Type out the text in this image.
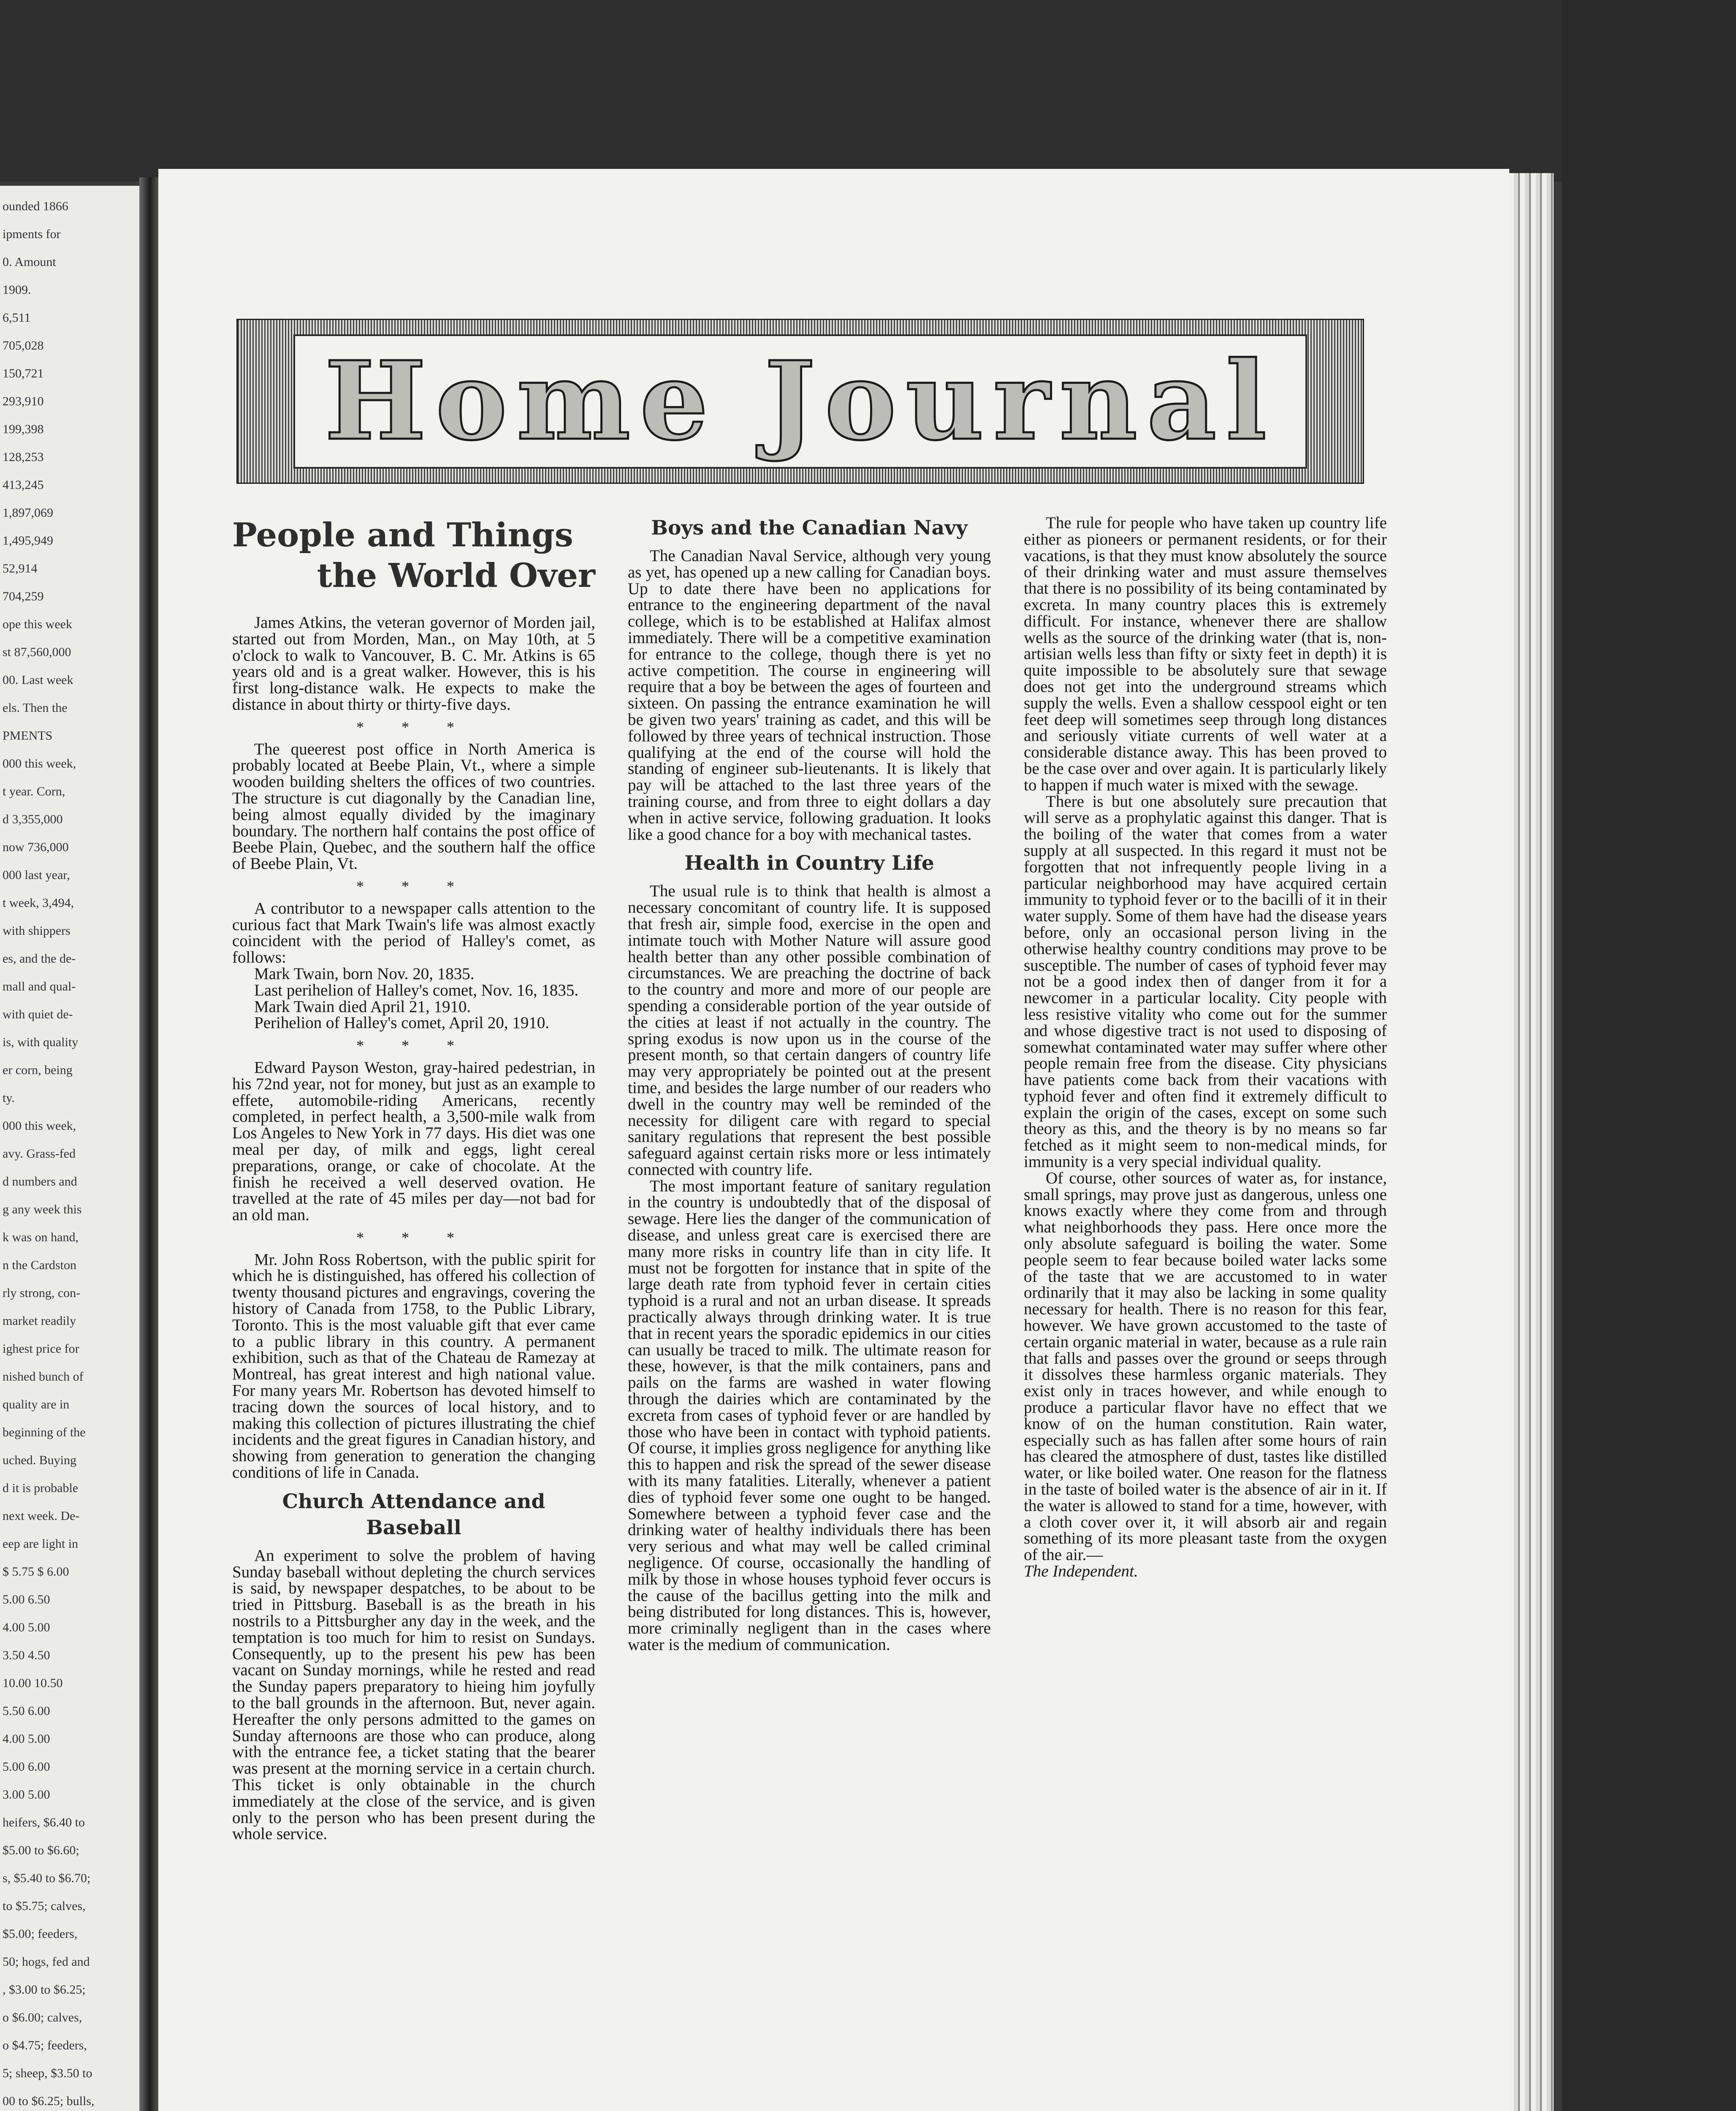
ounded 1866
ipments for
0. Amount
1909.
6,511
705,028
150,721
293,910
199,398
128,253
413,245
1,897,069
1,495,949
52,914
704,259
ope this week
st 87,560,000
00. Last week
els. Then the
PMENTS
000 this week,
t year. Corn,
d 3,355,000
now 736,000
000 last year,
t week, 3,494,
with shippers
es, and the de-
mall and qual-
with quiet de-
is, with quality
er corn, being
ty.
000 this week,
avy. Grass-fed
d numbers and
g any week this
k was on hand,
n the Cardston
rly strong, con-
market readily
ighest price for
nished bunch of
quality are in
beginning of the
uched. Buying
d it is probable
next week. De-
eep are light in
$ 5.75 $ 6.00
5.00 6.50
4.00 5.00
3.50 4.50
10.00 10.50
5.50 6.00
4.00 5.00
5.00 6.00
3.00 5.00
heifers, $6.40 to
$5.00 to $6.60;
s, $5.40 to $6.70;
to $5.75; calves,
$5.00; feeders,
50; hogs, fed and
, $3.00 to $6.25;
o $6.00; calves,
o $4.75; feeders,
5; sheep, $3.50 to
00 to $6.25; bulls,
Home Journal
People and Things
the World Over

James Atkins, the veteran governor of Morden jail, started out from Morden, Man., on May 10th, at 5 o'clock to walk to Vancouver, B. C. Mr. Atkins is 65 years old and is a great walker. However, this is his first long-distance walk. He expects to make the distance in about thirty or thirty-five days.

* * *

The queerest post office in North America is probably located at Beebe Plain, Vt., where a simple wooden building shelters the offices of two countries. The structure is cut diagonally by the Canadian line, being almost equally divided by the imaginary boundary. The northern half contains the post office of Beebe Plain, Quebec, and the southern half the office of Beebe Plain, Vt.

* * *

A contributor to a newspaper calls attention to the curious fact that Mark Twain's life was almost exactly coincident with the period of Halley's comet, as follows:

Mark Twain, born Nov. 20, 1835.

Last perihelion of Halley's comet, Nov. 16, 1835.

Mark Twain died April 21, 1910.

Perihelion of Halley's comet, April 20, 1910.

* * *

Edward Payson Weston, gray-haired pedestrian, in his 72nd year, not for money, but just as an example to effete, automobile-riding Americans, recently completed, in perfect health, a 3,500-mile walk from Los Angeles to New York in 77 days. His diet was one meal per day, of milk and eggs, light cereal preparations, orange, or cake of chocolate. At the finish he received a well deserved ovation. He travelled at the rate of 45 miles per day—not bad for an old man.

* * *

Mr. John Ross Robertson, with the public spirit for which he is distinguished, has offered his collection of twenty thousand pictures and engravings, covering the history of Canada from 1758, to the Public Library, Toronto. This is the most valuable gift that ever came to a public library in this country. A permanent exhibition, such as that of the Chateau de Ramezay at Montreal, has great interest and high national value. For many years Mr. Robertson has devoted himself to tracing down the sources of local history, and to making this collection of pictures illustrating the chief incidents and the great figures in Canadian history, and showing from generation to generation the changing conditions of life in Canada.

Church Attendance and Baseball

An experiment to solve the problem of having Sunday baseball without depleting the church services is said, by newspaper despatches, to be about to be tried in Pittsburg. Baseball is as the breath in his nostrils to a Pittsburgher any day in the week, and the temptation is too much for him to resist on Sundays. Consequently, up to the present his pew has been vacant on Sunday mornings, while he rested and read the Sunday papers preparatory to hieing him joyfully to the ball grounds in the afternoon. But, never again. Hereafter the only persons admitted to the games on Sunday afternoons are those who can produce, along with the entrance fee, a ticket stating that the bearer was present at the morning service in a certain church. This ticket is only obtainable in the church immediately at the close of the service, and is given only to the person who has been present during the whole service.

Boys and the Canadian Navy

The Canadian Naval Service, although very young as yet, has opened up a new calling for Canadian boys. Up to date there have been no applications for entrance to the engineering department of the naval college, which is to be established at Halifax almost immediately. There will be a competitive examination for entrance to the college, though there is yet no active competition. The course in engineering will require that a boy be between the ages of fourteen and sixteen. On passing the entrance examination he will be given two years' training as cadet, and this will be followed by three years of technical instruction. Those qualifying at the end of the course will hold the standing of engineer sub-lieutenants. It is likely that pay will be attached to the last three years of the training course, and from three to eight dollars a day when in active service, following graduation. It looks like a good chance for a boy with mechanical tastes.

Health in Country Life

The usual rule is to think that health is almost a necessary concomitant of country life. It is supposed that fresh air, simple food, exercise in the open and intimate touch with Mother Nature will assure good health better than any other possible combination of circumstances. We are preaching the doctrine of back to the country and more and more of our people are spending a considerable portion of the year outside of the cities at least if not actually in the country. The spring exodus is now upon us in the course of the present month, so that certain dangers of country life may very appropriately be pointed out at the present time, and besides the large number of our readers who dwell in the country may well be reminded of the necessity for diligent care with regard to special sanitary regulations that represent the best possible safeguard against certain risks more or less intimately connected with country life.

The most important feature of sanitary regulation in the country is undoubtedly that of the disposal of sewage. Here lies the danger of the communication of disease, and unless great care is exercised there are many more risks in country life than in city life. It must not be forgotten for instance that in spite of the large death rate from typhoid fever in certain cities typhoid is a rural and not an urban disease. It spreads practically always through drinking water. It is true that in recent years the sporadic epidemics in our cities can usually be traced to milk. The ultimate reason for these, however, is that the milk containers, pans and pails on the farms are washed in water flowing through the dairies which are contaminated by the excreta from cases of typhoid fever or are handled by those who have been in contact with typhoid patients. Of course, it implies gross negligence for anything like this to happen and risk the spread of the sewer disease with its many fatalities. Literally, whenever a patient dies of typhoid fever some one ought to be hanged. Somewhere between a typhoid fever case and the drinking water of healthy individuals there has been very serious and what may well be called criminal negligence. Of course, occasionally the handling of milk by those in whose houses typhoid fever occurs is the cause of the bacillus getting into the milk and being distributed for long distances. This is, however, more criminally negligent than in the cases where water is the medium of communication.

The rule for people who have taken up country life either as pioneers or permanent residents, or for their vacations, is that they must know absolutely the source of their drinking water and must assure themselves that there is no possibility of its being contaminated by excreta. In many country places this is extremely difficult. For instance, whenever there are shallow wells as the source of the drinking water (that is, non-artisian wells less than fifty or sixty feet in depth) it is quite impossible to be absolutely sure that sewage does not get into the underground streams which supply the wells. Even a shallow cesspool eight or ten feet deep will sometimes seep through long distances and seriously vitiate currents of well water at a considerable distance away. This has been proved to be the case over and over again. It is particularly likely to happen if much water is mixed with the sewage.

There is but one absolutely sure precaution that will serve as a prophylatic against this danger. That is the boiling of the water that comes from a water supply at all suspected. In this regard it must not be forgotten that not infrequently people living in a particular neighborhood may have acquired certain immunity to typhoid fever or to the bacilli of it in their water supply. Some of them have had the disease years before, only an occasional person living in the otherwise healthy country conditions may prove to be susceptible. The number of cases of typhoid fever may not be a good index then of danger from it for a newcomer in a particular locality. City people with less resistive vitality who come out for the summer and whose digestive tract is not used to disposing of somewhat contaminated water may suffer where other people remain free from the disease. City physicians have patients come back from their vacations with typhoid fever and often find it extremely difficult to explain the origin of the cases, except on some such theory as this, and the theory is by no means so far fetched as it might seem to non-medical minds, for immunity is a very special individual quality.

Of course, other sources of water as, for instance, small springs, may prove just as dangerous, unless one knows exactly where they come from and through what neighborhoods they pass. Here once more the only absolute safeguard is boiling the water. Some people seem to fear because boiled water lacks some of the taste that we are accustomed to in water ordinarily that it may also be lacking in some quality necessary for health. There is no reason for this fear, however. We have grown accustomed to the taste of certain organic material in water, because as a rule rain that falls and passes over the ground or seeps through it dissolves these harmless organic materials. They exist only in traces however, and while enough to produce a particular flavor have no effect that we know of on the human constitution. Rain water, especially such as has fallen after some hours of rain has cleared the atmosphere of dust, tastes like distilled water, or like boiled water. One reason for the flatness in the taste of boiled water is the absence of air in it. If the water is allowed to stand for a time, however, with a cloth cover over it, it will absorb air and regain something of its more pleasant taste from the oxygen of the air.—

The Independent.
